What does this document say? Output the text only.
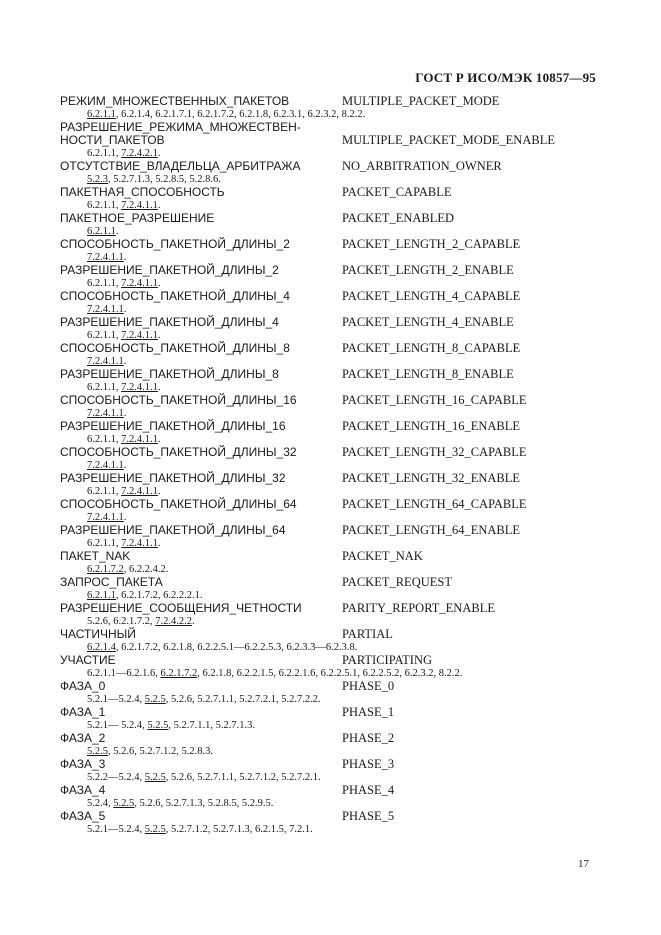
ГОСТ Р ИСО/МЭК 10857—95
РЕЖИМ_МНОЖЕСТВЕННЫХ_ПАКЕТОВ	MULTIPLE_PACKET_MODE
6.2.1.1, 6.2.1.4, 6.2.1.7.1, 6.2.1.7.2, 6.2.1.8, 6.2.3.1, 6.2.3.2, 8.2.2.
РАЗРЕШЕНИЕ_РЕЖИМА_МНОЖЕСТВЕН-
НОСТИ_ПАКЕТОВ	MULTIPLE_PACKET_MODE_ENABLE
6.2.1.1, 7.2.4.2.1.
ОТСУТСТВИЕ_ВЛАДЕЛЬЦА_АРБИТРАЖА	NO_ARBITRATION_OWNER
5.2.3, 5.2.7.1.3, 5.2.8.5, 5.2.8.6.
ПАКЕТНАЯ_СПОСОБНОСТЬ	PACKET_CAPABLE
6.2.1.1, 7.2.4.1.1.
ПАКЕТНОЕ_РАЗРЕШЕНИЕ	PACKET_ENABLED
6.2.1.1.
СПОСОБНОСТЬ_ПАКЕТНОЙ_ДЛИНЫ_2	PACKET_LENGTH_2_CAPABLE
7.2.4.1.1.
РАЗРЕШЕНИЕ_ПАКЕТНОЙ_ДЛИНЫ_2	PACKET_LENGTH_2_ENABLE
6.2.1.1, 7.2.4.1.1.
СПОСОБНОСТЬ_ПАКЕТНОЙ_ДЛИНЫ_4	PACKET_LENGTH_4_CAPABLE
7.2.4.1.1.
РАЗРЕШЕНИЕ_ПАКЕТНОЙ_ДЛИНЫ_4	PACKET_LENGTH_4_ENABLE
6.2.1.1, 7.2.4.1.1.
СПОСОБНОСТЬ_ПАКЕТНОЙ_ДЛИНЫ_8	PACKET_LENGTH_8_CAPABLE
7.2.4.1.1.
РАЗРЕШЕНИЕ_ПАКЕТНОЙ_ДЛИНЫ_8	PACKET_LENGTH_8_ENABLE
6.2.1.1, 7.2.4.1.1.
СПОСОБНОСТЬ_ПАКЕТНОЙ_ДЛИНЫ_16	PACKET_LENGTH_16_CAPABLE
7.2.4.1.1.
РАЗРЕШЕНИЕ_ПАКЕТНОЙ_ДЛИНЫ_16	PACKET_LENGTH_16_ENABLE
6.2.1.1, 7.2.4.1.1.
СПОСОБНОСТЬ_ПАКЕТНОЙ_ДЛИНЫ_32	PACKET_LENGTH_32_CAPABLE
7.2.4.1.1.
РАЗРЕШЕНИЕ_ПАКЕТНОЙ_ДЛИНЫ_32	PACKET_LENGTH_32_ENABLE
6.2.1.1, 7.2.4.1.1.
СПОСОБНОСТЬ_ПАКЕТНОЙ_ДЛИНЫ_64	PACKET_LENGTH_64_CAPABLE
7.2.4.1.1.
РАЗРЕШЕНИЕ_ПАКЕТНОЙ_ДЛИНЫ_64	PACKET_LENGTH_64_ENABLE
6.2.1.1, 7.2.4.1.1.
ПАКЕТ_NAK	PACKET_NAK
6.2.1.7.2, 6.2.2.4.2.
ЗАПРОС_ПАКЕТА	PACKET_REQUEST
6.2.1.1, 6.2.1.7.2, 6.2.2.2.1.
РАЗРЕШЕНИЕ_СООБЩЕНИЯ_ЧЕТНОСТИ	PARITY_REPORT_ENABLE
5.2.6, 6.2.1.7.2, 7.2.4.2.2.
ЧАСТИЧНЫЙ	PARTIAL
6.2.1.4, 6.2.1.7.2, 6.2.1.8, 6.2.2.5.1—6.2.2.5.3, 6.2.3.3—6.2.3.8.
УЧАСТИЕ	PARTICIPATING
6.2.1.1—6.2.1.6, 6.2.1.7.2, 6.2.1.8, 6.2.2.1.5, 6.2.2.1.6, 6.2.2.5.1, 6.2.2.5.2, 6.2.3.2, 8.2.2.
ФАЗА_0	PHASE_0
5.2.1—5.2.4, 5.2.5, 5.2.6, 5.2.7.1.1, 5.2.7.2.1, 5.2.7.2.2.
ФАЗА_1	PHASE_1
5.2.1— 5.2.4, 5.2.5, 5.2.7.1.1, 5.2.7.1.3.
ФАЗА_2	PHASE_2
5.2.5, 5.2.6, 5.2.7.1.2, 5.2.8.3.
ФАЗА_3	PHASE_3
5.2.2—5.2.4, 5.2.5, 5.2.6, 5.2.7.1.1, 5.2.7.1.2, 5.2.7.2.1.
ФАЗА_4	PHASE_4
5.2.4, 5.2.5, 5.2.6, 5.2.7.1.3, 5.2.8.5, 5.2.9.5.
ФАЗА_5	PHASE_5
5.2.1—5.2.4, 5.2.5, 5.2.7.1.2, 5.2.7.1.3, 6.2.1.5, 7.2.1.
17
